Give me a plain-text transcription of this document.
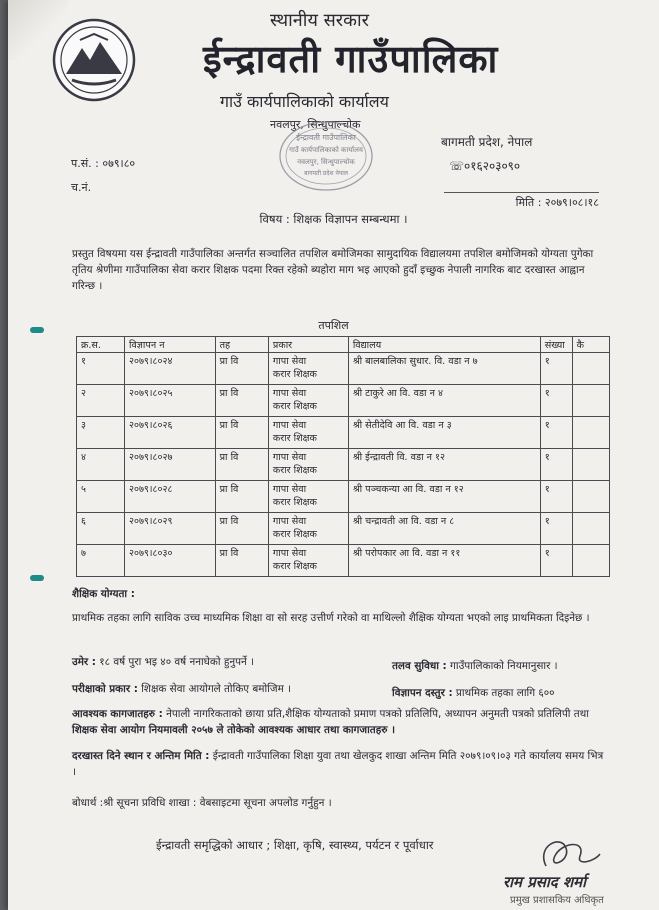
स्थानीय सरकार
ईन्द्रावती गाउँपालिका
गाउँ कार्यपालिकाको कार्यालय
नवलपुर, सिन्धुपाल्चोक
ईन्द्रावती गाउँपालिका
गाउँ कार्यपालिकाको कार्यालय
नवलपुर, सिन्धुपाल्चोक
बागमती प्रदेश नेपाल
बागमती प्रदेश, नेपाल
☏०१६२०३०९०
प.सं. : ०७९।८०
च.नं.
मिति : २०७९।०८।१८
विषय : शिक्षक विज्ञापन सम्बन्धमा ।
प्रस्तुत विषयमा यस ईन्द्रावती गाउँपालिका अन्तर्गत सञ्चालित तपशिल बमोजिमका सामुदायिक विद्यालयमा तपशिल बमोजिमको योग्यता पुगेका तृतिय श्रेणीमा गाउँपालिका सेवा करार शिक्षक पदमा रिक्त रहेको ब्यहोरा माग भइ आएको हुदाँ इच्छुक नेपाली नागरिक बाट दरखास्त आह्वान गरिन्छ ।
तपशिल
क्र.स.	विज्ञापन न	तह	प्रकार	विद्यालय	संख्या	कै
१	२०७९।८०२४	प्रा वि	गापा सेवा
करार शिक्षक	श्री बालबालिका सुधार. वि. वडा न ७	१	
२	२०७९।८०२५	प्रा वि	गापा सेवा
करार शिक्षक	श्री टाकुरे आ वि. वडा न ४	१	
३	२०७९।८०२६	प्रा वि	गापा सेवा
करार शिक्षक	श्री सेतीदेवि आ वि. वडा न ३	१	
४	२०७९।८०२७	प्रा वि	गापा सेवा
करार शिक्षक	श्री ईन्द्रावती वि. वडा न १२	१	
५	२०७९।८०२८	प्रा वि	गापा सेवा
करार शिक्षक	श्री पञ्चकन्या आ वि. वडा न १२	१	
६	२०७९।८०२९	प्रा वि	गापा सेवा
करार शिक्षक	श्री चन्द्रावती आ वि. वडा न ८	१	
७	२०७९।८०३०	प्रा वि	गापा सेवा
करार शिक्षक	श्री परोपकार आ वि. वडा न ११	१	
शैक्षिक योग्यता :
प्राथमिक तहका लागि साविक उच्च माध्यमिक शिक्षा वा सो सरह उत्तीर्ण गरेको वा माथिल्लो शैक्षिक योग्यता भएको लाइ प्राथमिकता दिइनेछ ।
उमेर : १८ वर्ष पुरा भइ ४० वर्ष ननाघेको हुनुपर्ने ।	तलव सुविधा : गाउँपालिकाको नियमानुसार ।
परीक्षाको प्रकार : शिक्षक सेवा आयोगले तोकिए बमोजिम ।	विज्ञापन दस्तुर : प्राथमिक तहका लागि ६००
आवश्यक कागजातहरु : नेपाली नागरिकताको छाया प्रति,शैक्षिक योग्यताको प्रमाण पत्रको प्रतिलिपि, अध्यापन अनुमती पत्रको प्रतिलिपी तथा शिक्षक सेवा आयोग नियमावली २०५७ ले तोकेको आवश्यक आधार तथा कागजातहरु ।
दरखास्त दिने स्थान र अन्तिम मिति : ईन्द्रावती गाउँपालिका शिक्षा युवा तथा खेलकुद शाखा अन्तिम मिति २०७९।०९।०३ गते कार्यालय समय भित्र ।
बोधार्थ :श्री सूचना प्रविधि शाखा : वेबसाइटमा सूचना अपलोड गर्नुहुन ।
ईन्द्रावती समृद्धिको आधार ; शिक्षा, कृषि, स्वास्थ्य, पर्यटन र पूर्वाधार
राम प्रसाद शर्मा
प्रमुख प्रशासकिय अधिकृत
